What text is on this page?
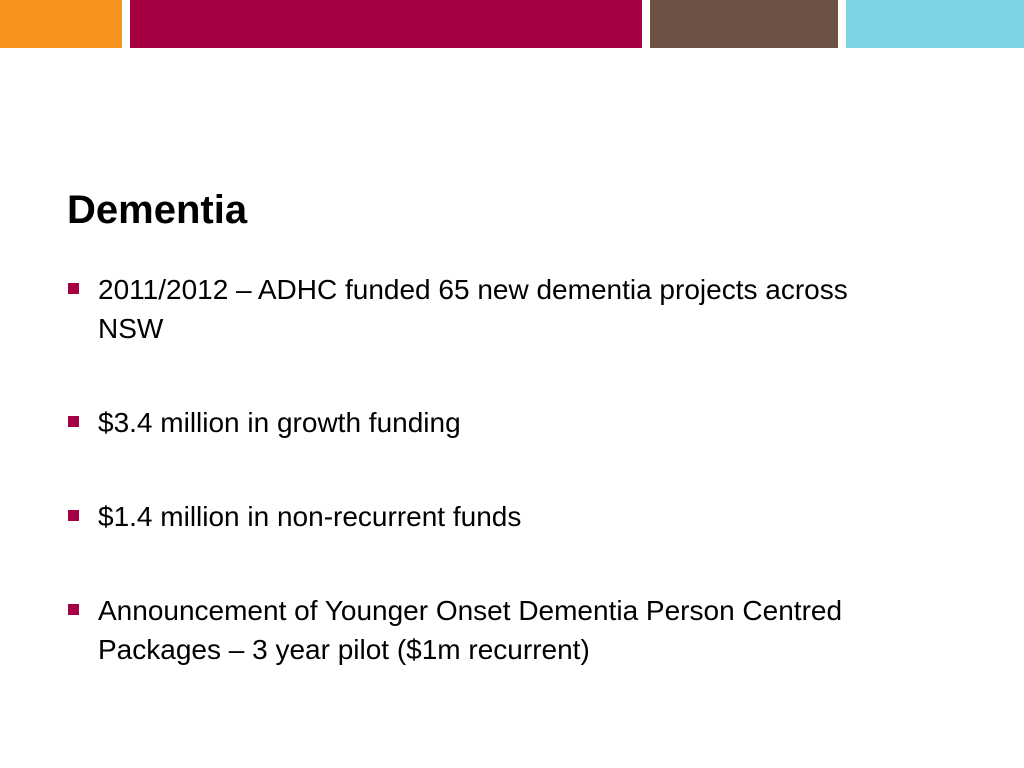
Dementia
2011/2012 – ADHC funded 65 new dementia projects across NSW
$3.4 million in growth funding
$1.4 million in non-recurrent funds
Announcement of Younger Onset Dementia Person Centred Packages – 3 year pilot ($1m recurrent)
